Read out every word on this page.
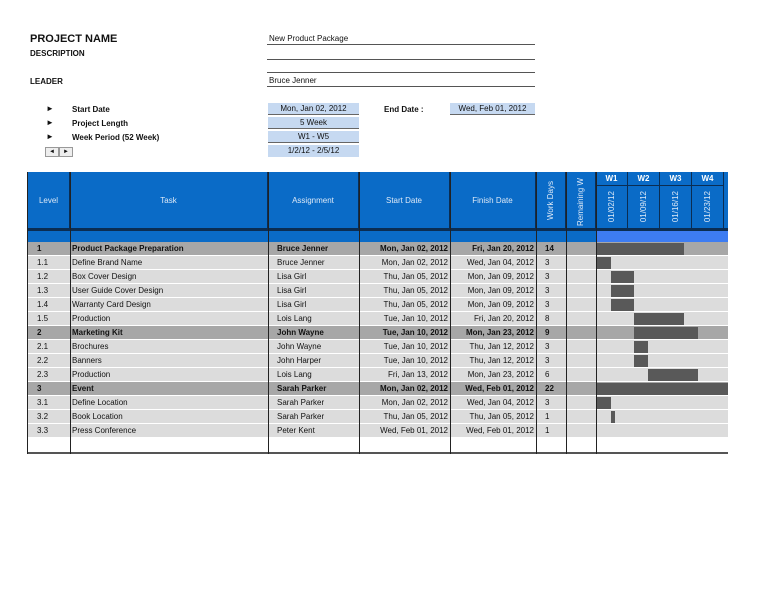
PROJECT NAME	New Product Package
DESCRIPTION
LEADER	Bruce Jenner
► Start Date	Mon, Jan 02, 2012	End Date :	Wed, Feb 01, 2012
► Project Length	5 Week
► Week Period (52 Week)	W1 - W5
◄	►	1/2/12 - 2/5/12
Level	Task	Assignment	Start Date	Finish Date	Work Days	Remaining W	W1	W2	W3	W4
01/02/12	01/09/12	01/16/12	01/23/12
1	Product Package Preparation	Bruce Jenner	Mon, Jan 02, 2012	Fri, Jan 20, 2012 14
1.1	Define Brand Name	Bruce Jenner	Mon, Jan 02, 2012	Wed, Jan 04, 2012 3
1.2	Box Cover Design	Lisa Girl	Thu, Jan 05, 2012	Mon, Jan 09, 2012 3
1.3	User Guide Cover Design	Lisa Girl	Thu, Jan 05, 2012	Mon, Jan 09, 2012 3
1.4	Warranty Card Design	Lisa Girl	Thu, Jan 05, 2012	Mon, Jan 09, 2012 3
1.5	Production	Lois Lang	Tue, Jan 10, 2012	Fri, Jan 20, 2012 8
2	Marketing Kit	John Wayne	Tue, Jan 10, 2012	Mon, Jan 23, 2012 9
2.1	Brochures	John Wayne	Tue, Jan 10, 2012	Thu, Jan 12, 2012 3
2.2	Banners	John Harper	Tue, Jan 10, 2012	Thu, Jan 12, 2012 3
2.3	Production	Lois Lang	Fri, Jan 13, 2012	Mon, Jan 23, 2012 6
3	Event	Sarah Parker	Mon, Jan 02, 2012	Wed, Feb 01, 2012 22
3.1	Define Location	Sarah Parker	Mon, Jan 02, 2012	Wed, Jan 04, 2012 3
3.2	Book Location	Sarah Parker	Thu, Jan 05, 2012	Thu, Jan 05, 2012 1
3.3	Press Conference	Peter Kent	Wed, Feb 01, 2012	Wed, Feb 01, 2012 1
